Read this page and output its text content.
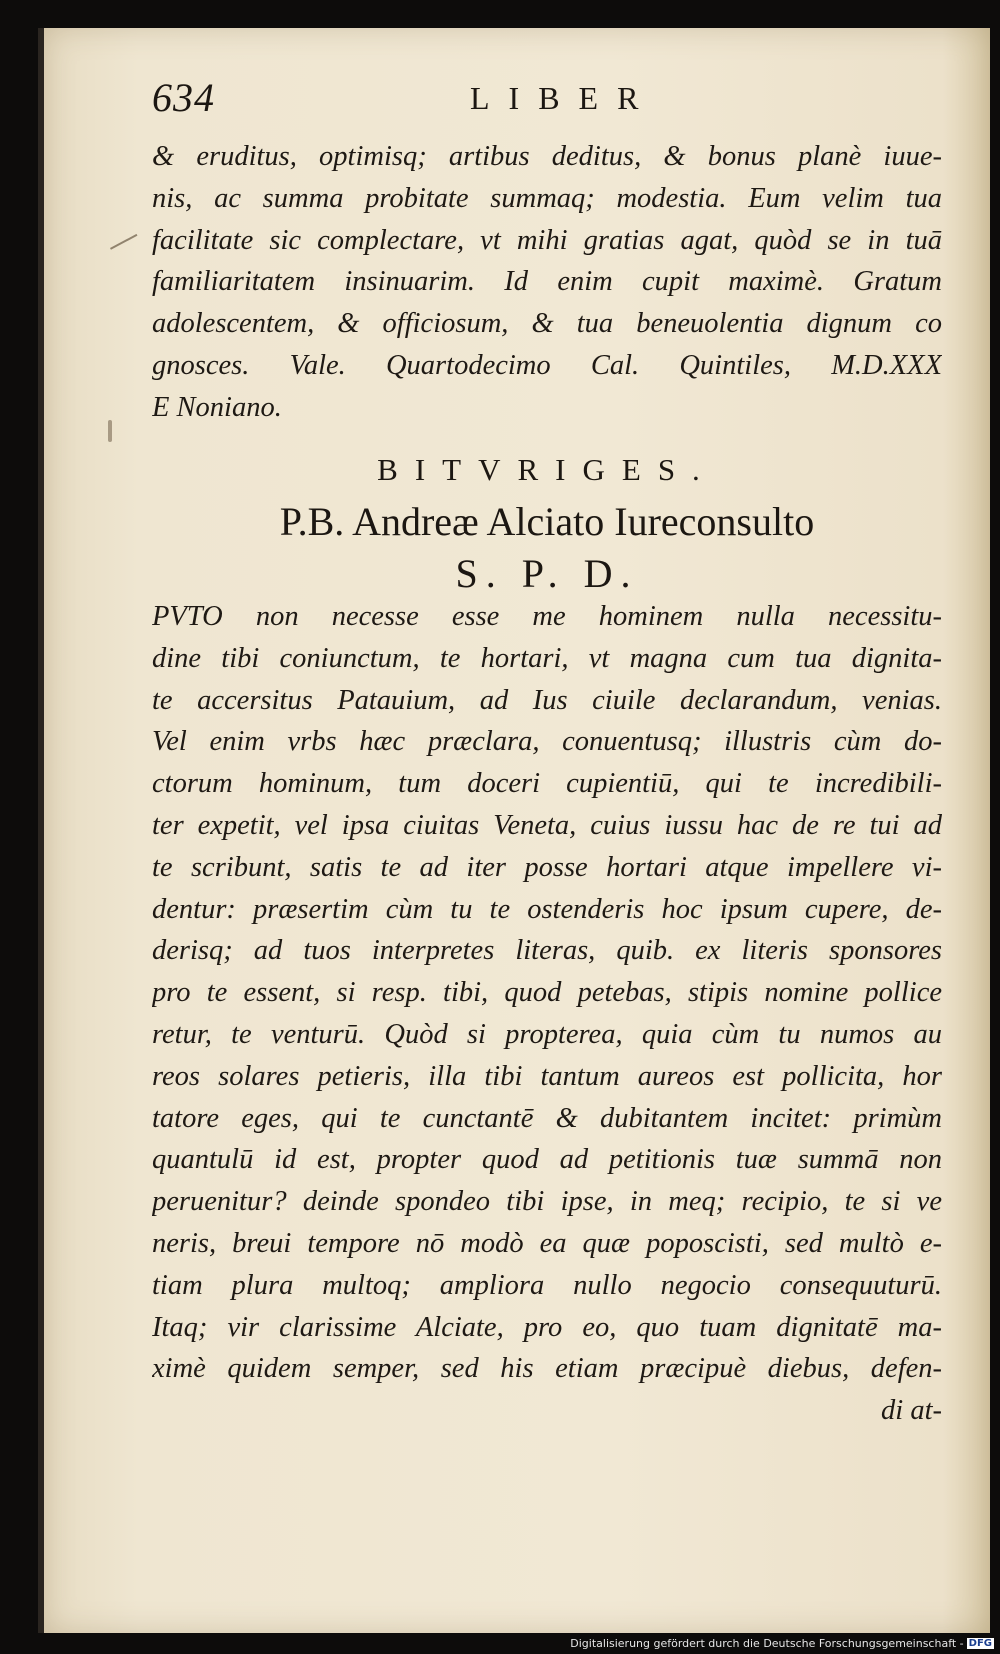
634	LIBER
& eruditus, optimisq; artibus deditus, & bonus planè iuue-
nis, ac summa probitate summaq; modestia. Eum velim tua
facilitate sic complectare, vt mihi gratias agat, quòd se in tuā
familiaritatem insinuarim. Id enim cupit maximè. Gratum
adolescentem, & officiosum, & tua beneuolentia dignum co
gnosces. Vale. Quartodecimo Cal. Quintiles, M.D.XXX
E Noniano.
BITVRIGES.
P.B. Andreæ Alciato Iureconsulto
S. P. D.
PVTO non necesse esse me hominem nulla necessitu-
dine tibi coniunctum, te hortari, vt magna cum tua dignita-
te accersitus Patauium, ad Ius ciuile declarandum, venias.
Vel enim vrbs hæc præclara, conuentusq; illustris cùm do-
ctorum hominum, tum doceri cupientiū, qui te incredibili-
ter expetit, vel ipsa ciuitas Veneta, cuius iussu hac de re tui ad
te scribunt, satis te ad iter posse hortari atque impellere vi-
dentur: præsertim cùm tu te ostenderis hoc ipsum cupere, de-
derisq; ad tuos interpretes literas, quib. ex literis sponsores
pro te essent, si resp. tibi, quod petebas, stipis nomine pollice
retur, te venturū. Quòd si propterea, quia cùm tu numos au
reos solares petieris, illa tibi tantum aureos est pollicita, hor
tatore eges, qui te cunctantē & dubitantem incitet: primùm
quantulū id est, propter quod ad petitionis tuæ summā non
peruenitur? deinde spondeo tibi ipse, in meq; recipio, te si ve
neris, breui tempore nō modò ea quæ poposcisti, sed multò e-
tiam plura multoq; ampliora nullo negocio consequuturū.
Itaq; vir clarissime Alciate, pro eo, quo tuam dignitatē ma-
ximè quidem semper, sed his etiam præcipuè diebus, defen-
di at-
Digitalisierung gefördert durch die Deutsche Forschungsgemeinschaft - DFG
